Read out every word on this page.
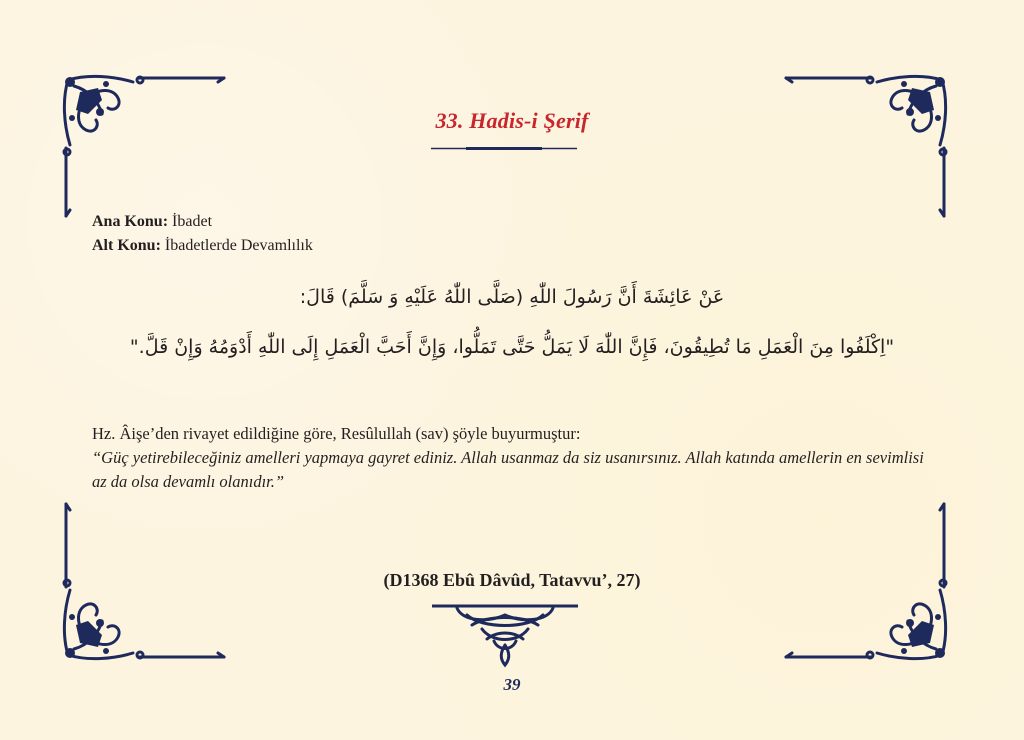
33. Hadis-i Şerif
Ana Konu: İbadet
Alt Konu: İbadetlerde Devamlılık
عَنْ عَائِشَةَ أَنَّ رَسُولَ اللّٰهِ (صَلَّى اللّٰهُ عَلَيْهِ وَ سَلَّمَ) قَالَ:
"اِكْلَفُوا مِنَ الْعَمَلِ مَا تُطِيقُونَ، فَإِنَّ اللّٰهَ لَا يَمَلُّ حَتَّى تَمَلُّوا، وَإِنَّ أَحَبَّ الْعَمَلِ إِلَى اللّٰهِ أَدْوَمُهُ وَإِنْ قَلَّ."
Hz. Âişe’den rivayet edildiğine göre, Resûlullah (sav) şöyle buyurmuştur:
“Güç yetirebileceğiniz amelleri yapmaya gayret ediniz. Allah usanmaz da siz usanırsınız. Allah katında amellerin en sevimlisi az da olsa devamlı olanıdır.”
(D1368 Ebû Dâvûd, Tatavvu’, 27)
39
